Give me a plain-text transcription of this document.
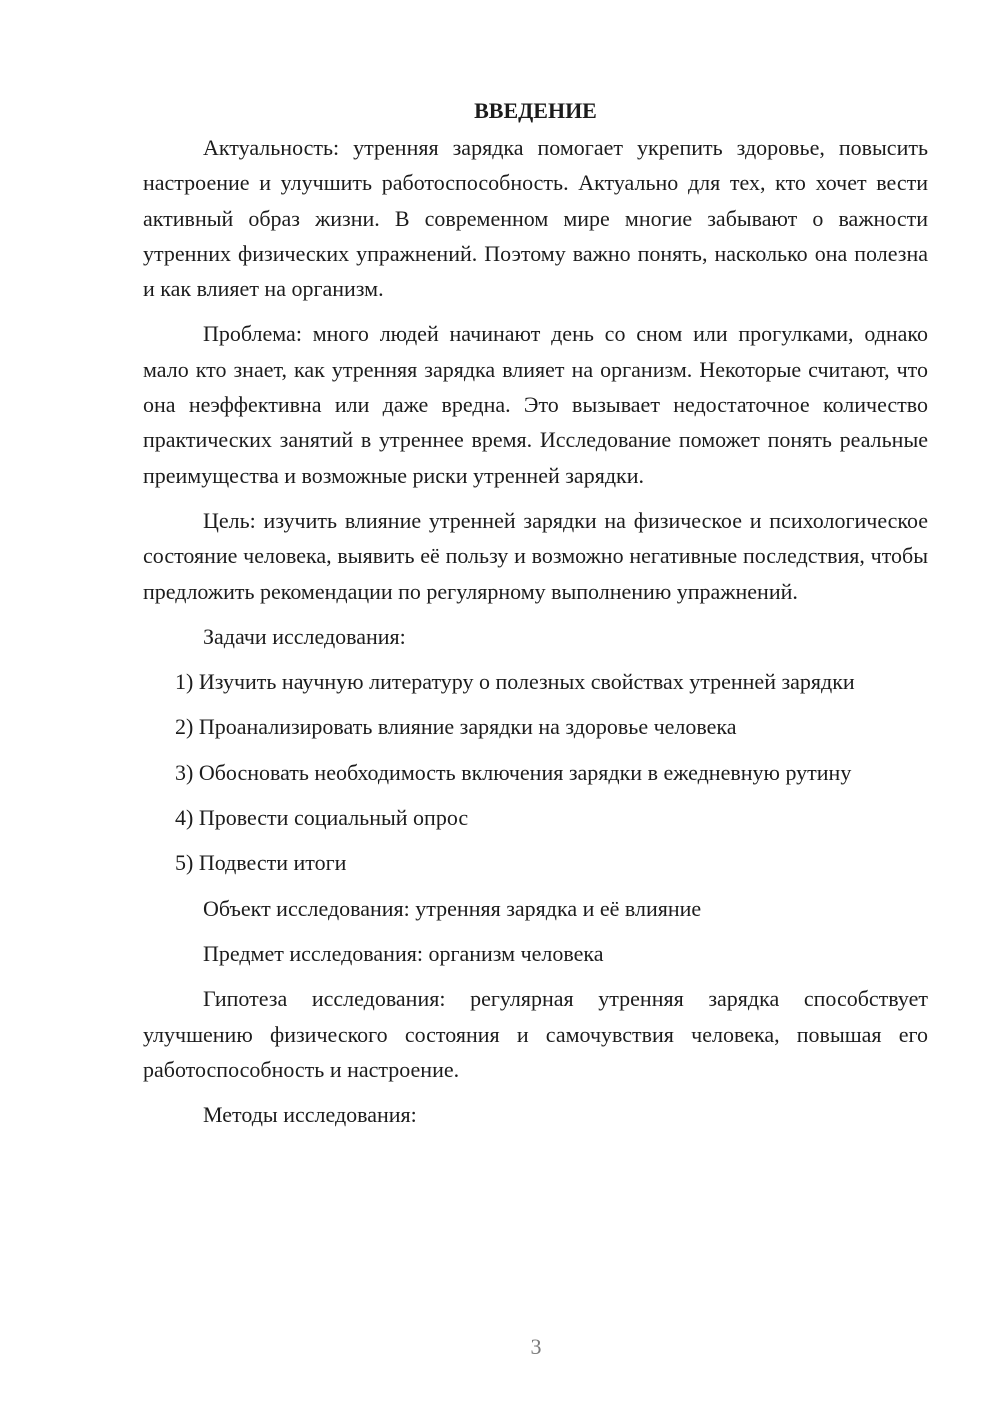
ВВЕДЕНИЕ

Актуальность: утренняя зарядка помогает укрепить здоровье, повысить настроение и улучшить работоспособность. Актуально для тех, кто хочет вести активный образ жизни. В современном мире многие забывают о важности утренних физических упражнений. Поэтому важно понять, насколько она полезна и как влияет на организм.

Проблема: много людей начинают день со сном или прогулками, однако мало кто знает, как утренняя зарядка влияет на организм. Некоторые считают, что она неэффективна или даже вредна. Это вызывает недостаточное количество практических занятий в утреннее время. Исследование поможет понять реальные преимущества и возможные риски утренней зарядки.

Цель: изучить влияние утренней зарядки на физическое и психологическое состояние человека, выявить её пользу и возможно негативные последствия, чтобы предложить рекомендации по регулярному выполнению упражнений.

Задачи исследования:

1) Изучить научную литературу о полезных свойствах утренней зарядки

2) Проанализировать влияние зарядки на здоровье человека

3) Обосновать необходимость включения зарядки в ежедневную рутину

4) Провести социальный опрос

5) Подвести итоги

Объект исследования: утренняя зарядка и её влияние

Предмет исследования: организм человека

Гипотеза исследования: регулярная утренняя зарядка способствует улучшению физического состояния и самочувствия человека, повышая его работоспособность и настроение.

Методы исследования:

3
